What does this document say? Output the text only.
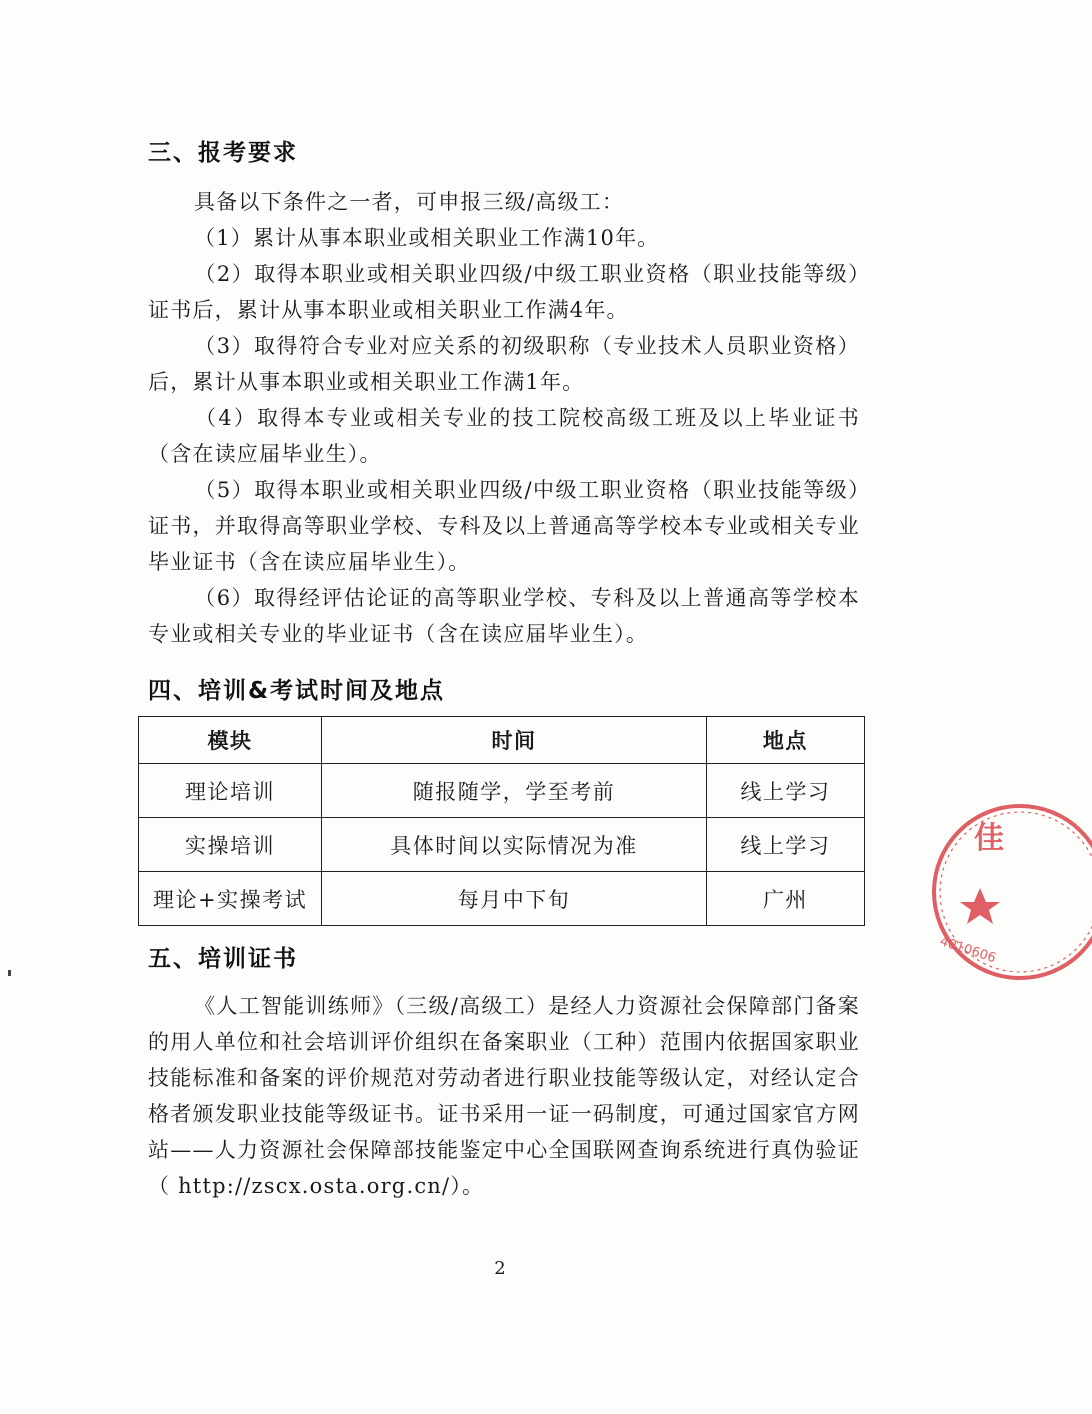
三、报考要求
具备以下条件之一者，可申报三级/高级工：
（1）累计从事本职业或相关职业工作满10年。
（2）取得本职业或相关职业四级/中级工职业资格（职业技能等级）证书后，累计从事本职业或相关职业工作满4年。
（3）取得符合专业对应关系的初级职称（专业技术人员职业资格）后，累计从事本职业或相关职业工作满1年。
（4）取得本专业或相关专业的技工院校高级工班及以上毕业证书（含在读应届毕业生）。
（5）取得本职业或相关职业四级/中级工职业资格（职业技能等级）证书，并取得高等职业学校、专科及以上普通高等学校本专业或相关专业毕业证书（含在读应届毕业生）。
（6）取得经评估论证的高等职业学校、专科及以上普通高等学校本专业或相关专业的毕业证书（含在读应届毕业生）。
四、培训&考试时间及地点
模块	时间	地点
理论培训	随报随学，学至考前	线上学习
实操培训	具体时间以实际情况为准	线上学习
理论+实操考试	每月中下旬	广州
五、培训证书
《人工智能训练师》（三级/高级工）是经人力资源社会保障部门备案的用人单位和社会培训评价组织在备案职业（工种）范围内依据国家职业技能标准和备案的评价规范对劳动者进行职业技能等级认定，对经认定合格者颁发职业技能等级证书。证书采用一证一码制度，可通过国家官方网站——人力资源社会保障部技能鉴定中心全国联网查询系统进行真伪验证（ http://zscx.osta.org.cn/）。
2
佳
4010606
